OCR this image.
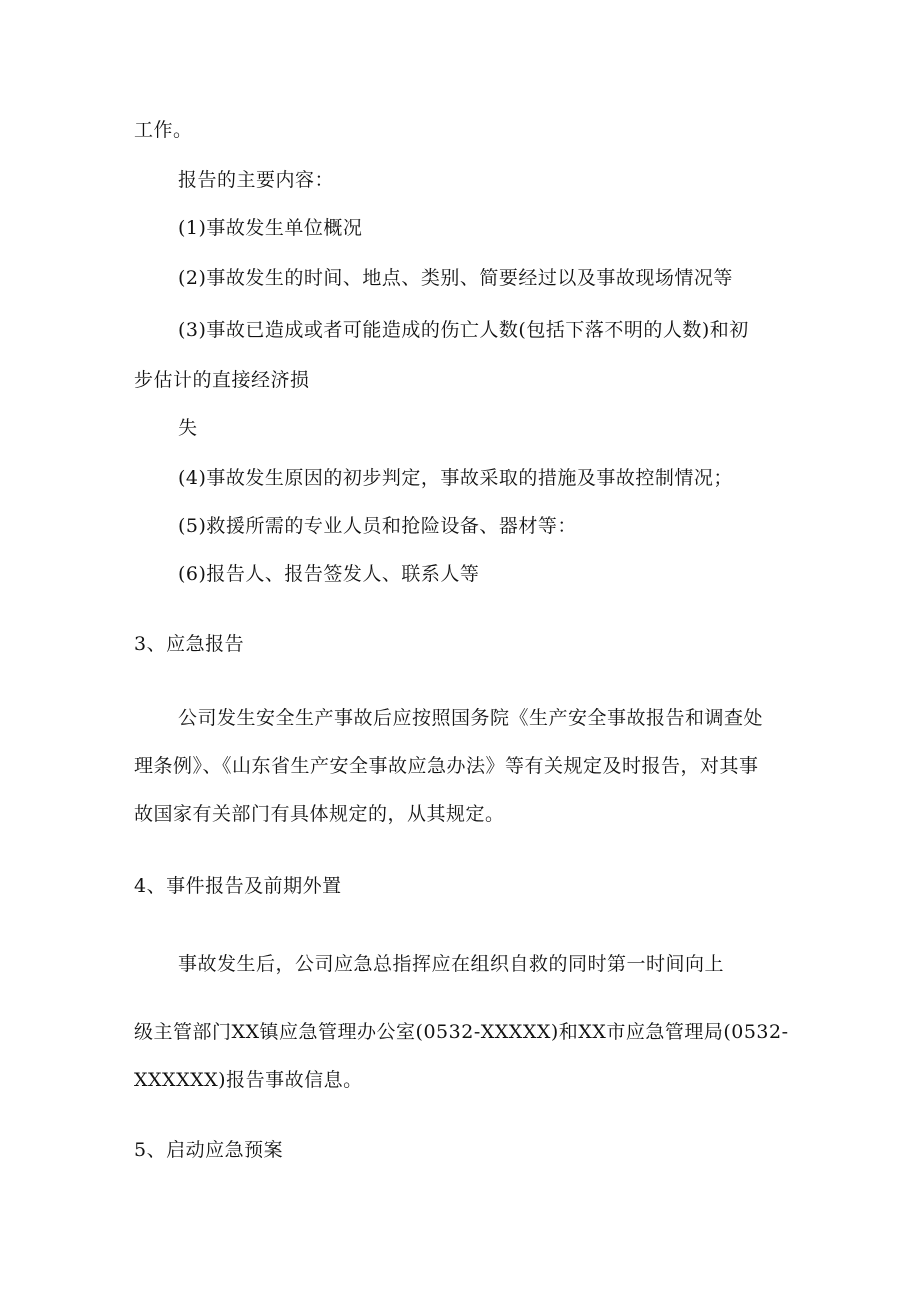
工作。
报告的主要内容：
(1)事故发生单位概况
(2)事故发生的时间、地点、类别、简要经过以及事故现场情况等
(3)事故已造成或者可能造成的伤亡人数(包括下落不明的人数)和初
步估计的直接经济损
失
(4)事故发生原因的初步判定，事故采取的措施及事故控制情况；
(5)救援所需的专业人员和抢险设备、器材等：
(6)报告人、报告签发人、联系人等
3、应急报告
公司发生安全生产事故后应按照国务院《生产安全事故报告和调查处
理条例》、《山东省生产安全事故应急办法》等有关规定及时报告，对其事
故国家有关部门有具体规定的，从其规定。
4、事件报告及前期外置
事故发生后，公司应急总指挥应在组织自救的同时第一时间向上
级主管部门XX镇应急管理办公室(0532-XXXXX)和XX市应急管理局(0532-
XXXXXX)报告事故信息。
5、启动应急预案
